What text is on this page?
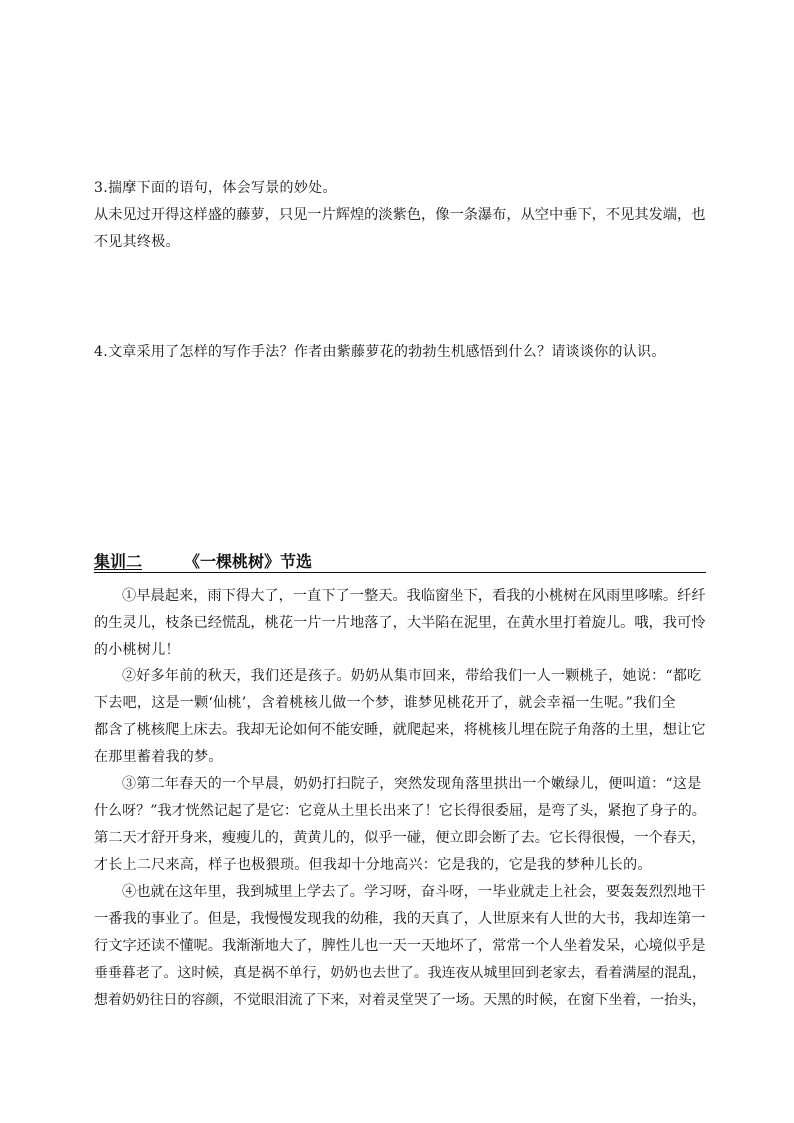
3.揣摩下面的语句，体会写景的妙处。
从未见过开得这样盛的藤萝，只见一片辉煌的淡紫色，像一条瀑布，从空中垂下，不见其发端，也
不见其终极。
4.文章采用了怎样的写作手法？作者由紫藤萝花的勃勃生机感悟到什么？请谈谈你的认识。
集训二	《一棵桃树》节选
①早晨起来，雨下得大了，一直下了一整天。我临窗坐下，看我的小桃树在风雨里哆嗦。纤纤
的生灵儿，枝条已经慌乱，桃花一片一片地落了，大半陷在泥里，在黄水里打着旋儿。哦，我可怜
的小桃树儿！
②好多年前的秋天，我们还是孩子。奶奶从集市回来，带给我们一人一颗桃子，她说：“都吃
下去吧，这是一颗‘仙桃’，含着桃核儿做一个梦，谁梦见桃花开了，就会幸福一生呢。”我们全
都含了桃核爬上床去。我却无论如何不能安睡，就爬起来，将桃核儿埋在院子角落的土里，想让它
在那里蓄着我的梦。
③第二年春天的一个早晨，奶奶打扫院子，突然发现角落里拱出一个嫩绿儿，便叫道：“这是
什么呀？”我才恍然记起了是它：它竟从土里长出来了！它长得很委屈，是弯了头，紧抱了身子的。
第二天才舒开身来，瘦瘦儿的，黄黄儿的，似乎一碰，便立即会断了去。它长得很慢，一个春天，
才长上二尺来高，样子也极猥琐。但我却十分地高兴：它是我的，它是我的梦种儿长的。
④也就在这年里，我到城里上学去了。学习呀，奋斗呀，一毕业就走上社会，要轰轰烈烈地干
一番我的事业了。但是，我慢慢发现我的幼稚，我的天真了，人世原来有人世的大书，我却连第一
行文字还读不懂呢。我渐渐地大了，脾性儿也一天一天地坏了，常常一个人坐着发呆，心境似乎是
垂垂暮老了。这时候，真是祸不单行，奶奶也去世了。我连夜从城里回到老家去，看着满屋的混乱，
想着奶奶往日的容颜，不觉眼泪流了下来，对着灵堂哭了一场。天黑的时候，在窗下坐着，一抬头，
